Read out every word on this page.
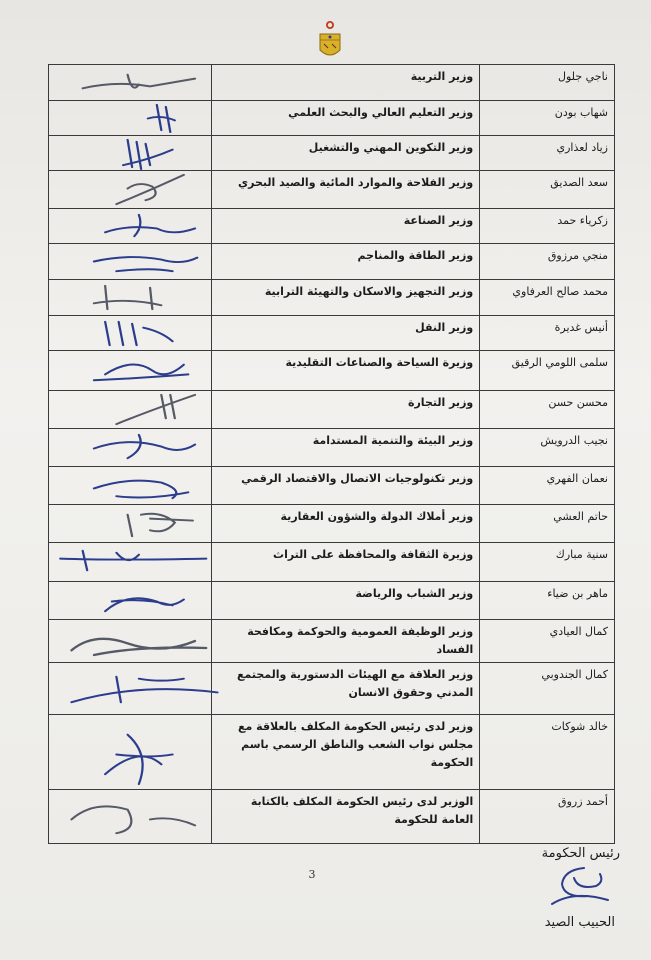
	وزير التربية	ناجي جلول

	وزير التعليم العالي والبحث العلمي	شهاب بودن

	وزير التكوين المهني والتشغيل	زياد لعذاري

	وزير الفلاحة والموارد المائية والصيد البحري	سعد الصديق

	وزير الصناعة	زكرياء حمد

	وزير الطاقة والمناجم	منجي مرزوق

	وزير التجهيز والاسكان والتهيئة الترابية	محمد صالح العرفاوي

	وزير النقل	أنيس غديرة

	وزيرة السياحة والصناعات التقليدية	سلمى اللومي الرقيق

	وزير التجارة	محسن حسن

	وزير البيئة والتنمية المستدامة	نجيب الدرويش

	وزير تكنولوجيات الاتصال والاقتصاد الرقمي	نعمان الفهري

	وزير أملاك الدولة والشؤون العقارية	حاتم العشي

	وزيرة الثقافة والمحافظة على التراث	سنية مبارك

	وزير الشباب والرياضة	ماهر بن ضياء

	وزير الوظيفة العمومية والحوكمة ومكافحة الفساد	كمال العيادي

	وزير العلاقة مع الهيئات الدستورية والمجتمع المدني وحقوق الانسان	كمال الجندوبي

	وزير لدى رئيس الحكومة المكلف بالعلاقة مع مجلس نواب الشعب والناطق الرسمي باسم الحكومة	خالد شوكات

	الوزير لدى رئيس الحكومة المكلف بالكتابة العامة للحكومة	أحمد زروق
3
رئيس الحكومة
الحبيب الصيد
